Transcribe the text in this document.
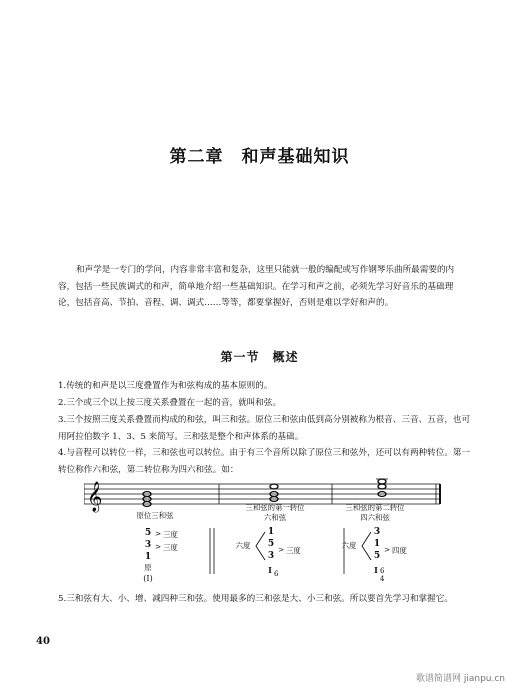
第二章　和声基础知识
和声学是一专门的学问，内容非常丰富和复杂，这里只能就一般的编配或写作钢琴乐曲所最需要的内容，包括一些民族调式的和声，简单地介绍一些基础知识。在学习和声之前，必须先学习好音乐的基础理论，包括音高、节拍、音程、调、调式……等等，都要掌握好，否则是难以学好和声的。
第一节　概述
1.传统的和声是以三度叠置作为和弦构成的基本原则的。
2.三个或三个以上按三度关系叠置在一起的音，就叫和弦。
3.三个按照三度关系叠置而构成的和弦，叫三和弦。原位三和弦由低到高分别被称为根音、三音、五音，也可用阿拉伯数字 1、3、5 来简写。三和弦是整个和声体系的基础。
4.与音程可以转位一样，三和弦也可以转位。由于有三个音所以除了原位三和弦外，还可以有两种转位。第一转位称作六和弦，第二转位称为四六和弦。如：
𝄞
原位三和弦
三和弦的第一转位
六和弦
三和弦的第二转位
四六和弦
5
3
1
> 三度
> 三度
原
(Ⅰ)
六度
1
5
3
> 三度
Ⅰ 6
六度
3
1
5
> 四度
Ⅰ 6
4
5.三和弦有大、小、增、减四种三和弦。使用最多的三和弦是大、小三和弦。所以要首先学习和掌握它。
40
歌谱简谱网 jianpu.cn
